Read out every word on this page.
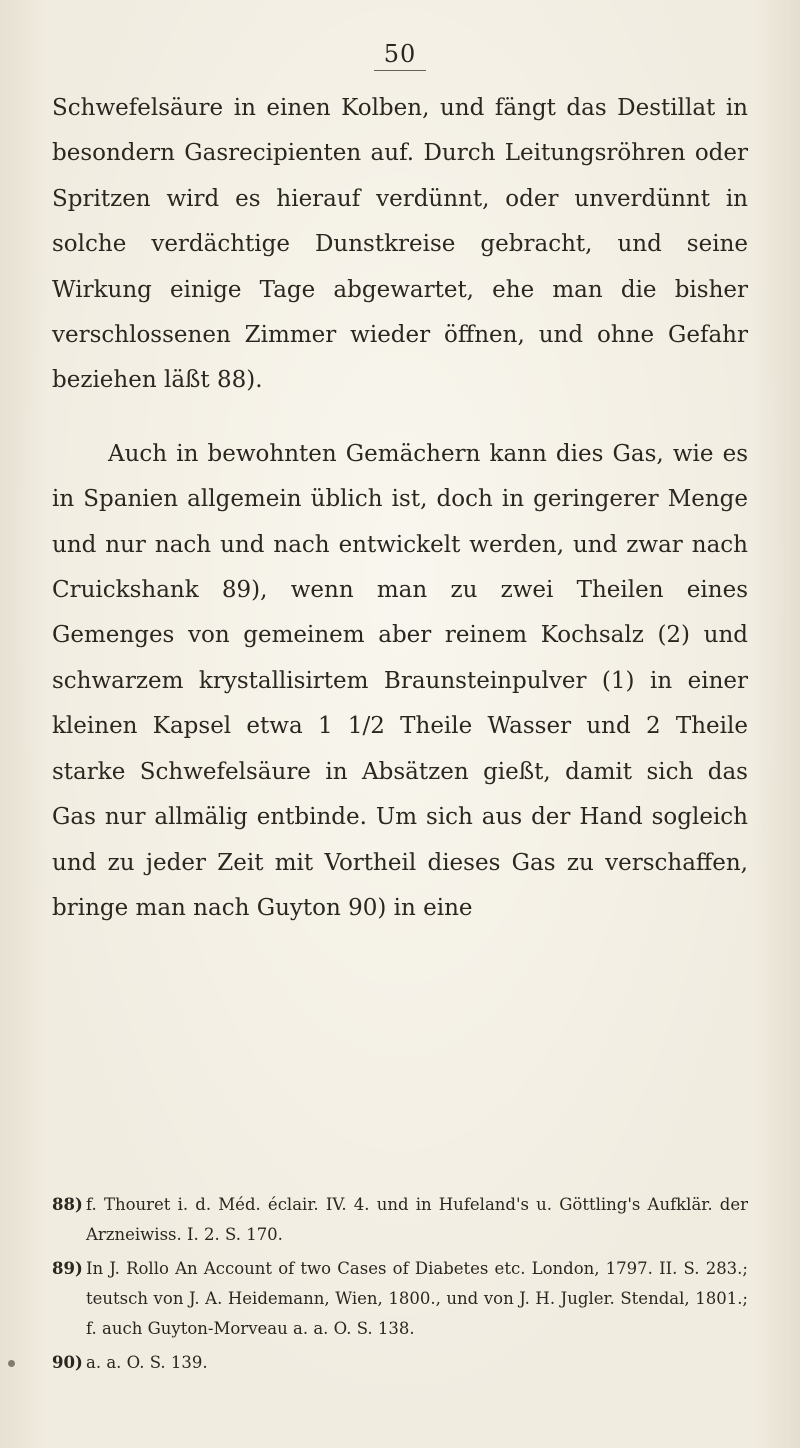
50

Schwefelsäure in einen Kolben, und fängt das Destillat in besondern Gasrecipienten auf. Durch Leitungsröhren oder Spritzen wird es hierauf verdünnt, oder unverdünnt in solche verdächtige Dunstkreise gebracht, und seine Wirkung einige Tage abgewartet, ehe man die bisher verschlossenen Zimmer wieder öffnen, und ohne Gefahr beziehen läßt 88).

Auch in bewohnten Gemächern kann dies Gas, wie es in Spanien allgemein üblich ist, doch in geringerer Menge und nur nach und nach entwickelt werden, und zwar nach Cruickshank 89), wenn man zu zwei Theilen eines Gemenges von gemeinem aber reinem Kochsalz (2) und schwarzem krystallisirtem Braunsteinpulver (1) in einer kleinen Kapsel etwa 1 1/2 Theile Wasser und 2 Theile starke Schwefelsäure in Absätzen gießt, damit sich das Gas nur allmälig entbinde. Um sich aus der Hand sogleich und zu jeder Zeit mit Vortheil dieses Gas zu verschaffen, bringe man nach Guyton 90) in eine

88) f. Thouret i. d. Méd. éclair. IV. 4. und in Hufeland's u. Göttling's Aufklär. der Arzneiwiss. I. 2. S. 170.

89) In J. Rollo An Account of two Cases of Diabetes etc. London, 1797. II. S. 283.; teutsch von J. A. Heidemann, Wien, 1800., und von J. H. Jugler. Stendal, 1801.; f. auch Guyton-Morveau a. a. O. S. 138.

90) a. a. O. S. 139.
